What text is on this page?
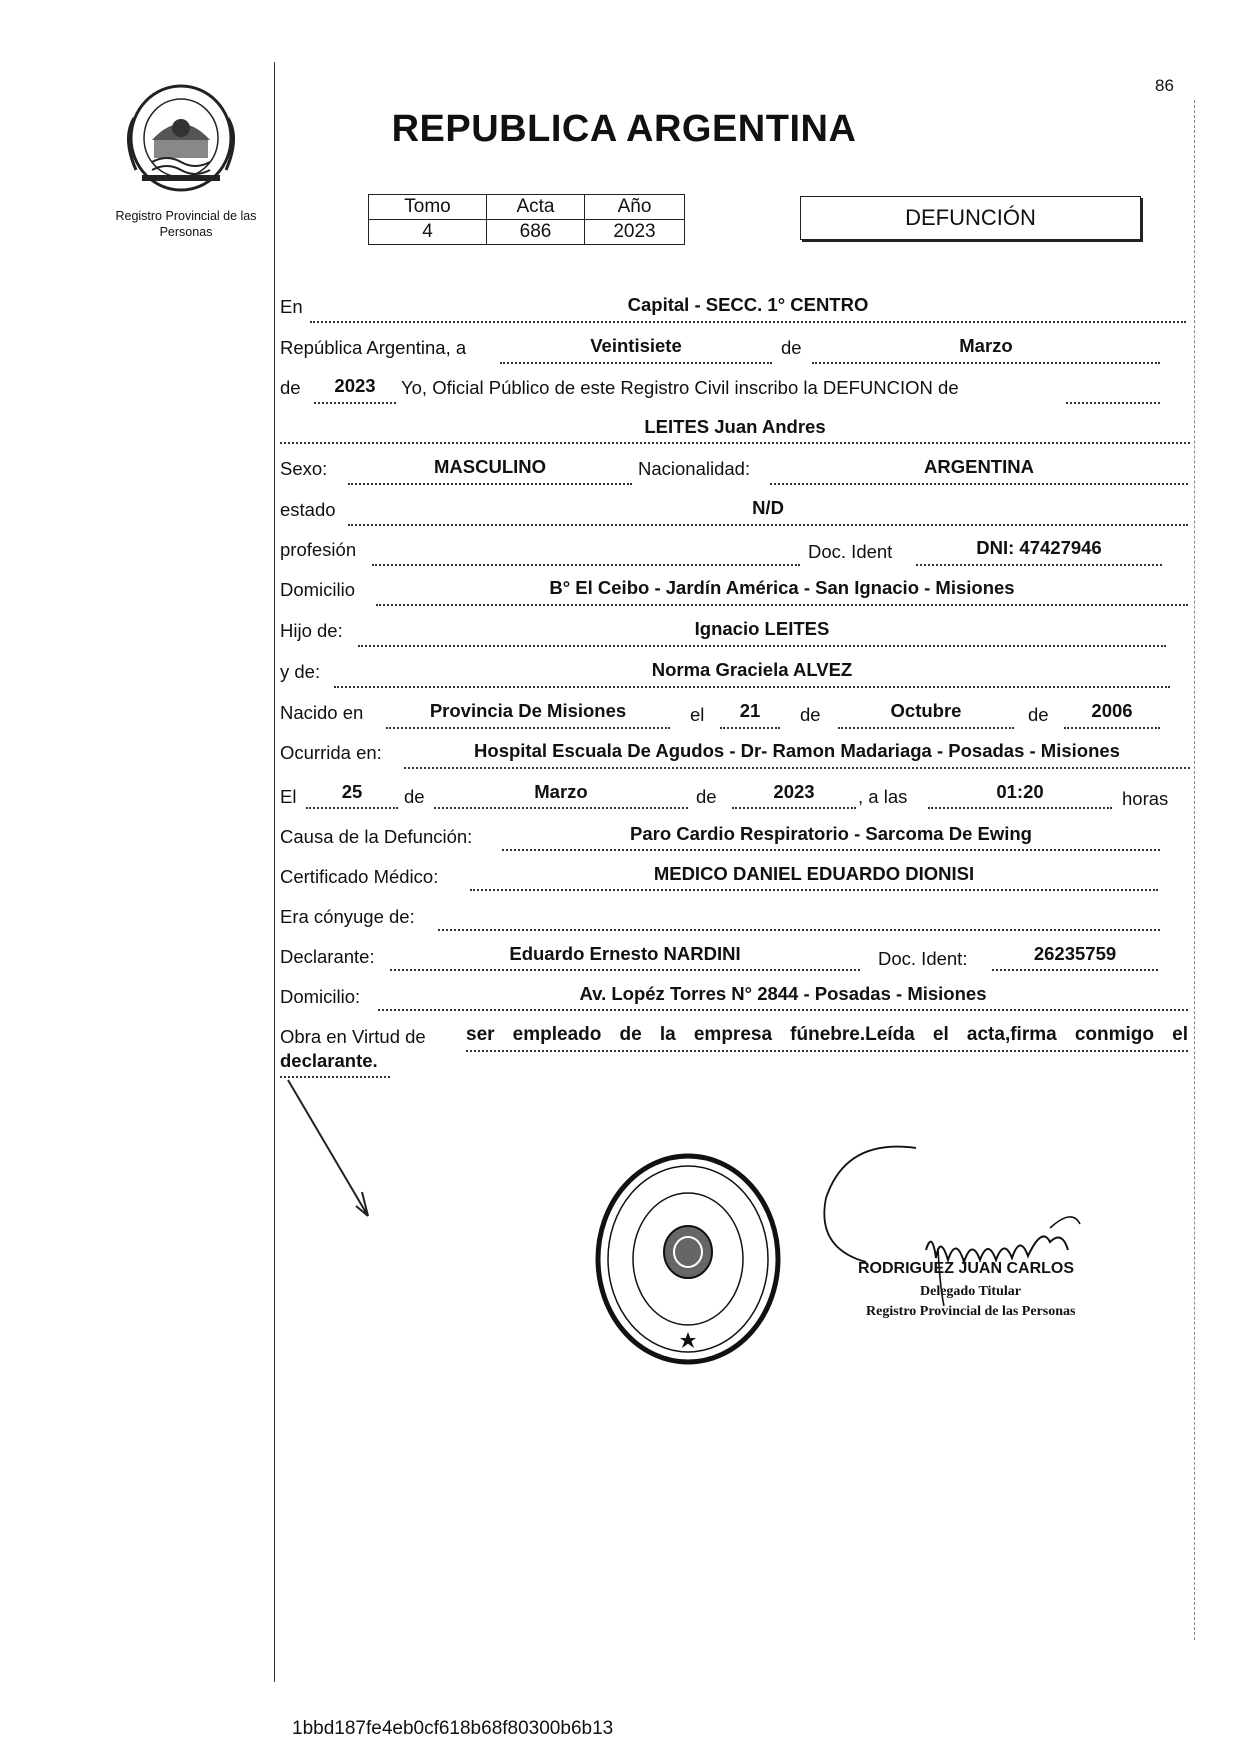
86
Registro Provincial de las Personas
REPUBLICA ARGENTINA
Tomo	Acta	Año
4	686	2023
DEFUNCIÓN
En	Capital - SECC. 1° CENTRO
República Argentina, a	Veintisiete	de	Marzo
de	2023	Yo, Oficial Público de este Registro Civil inscribo la DEFUNCION de
LEITES Juan Andres
Sexo:	MASCULINO	Nacionalidad:	ARGENTINA
estado	N/D
profesión	Doc. Ident	DNI: 47427946
Domicilio	B° El Ceibo - Jardín América - San Ignacio - Misiones
Hijo de:	Ignacio LEITES
y de:	Norma Graciela ALVEZ
Nacido en	Provincia De Misiones	el	21	de	Octubre	de	2006
Ocurrida en:	Hospital Escuala De Agudos - Dr- Ramon Madariaga - Posadas - Misiones
El	25	de	Marzo	de	2023	, a las	01:20	horas
Causa de la Defunción:	Paro Cardio Respiratorio - Sarcoma De Ewing
Certificado Médico:	MEDICO DANIEL EDUARDO DIONISI
Era cónyuge de:
Declarante:	Eduardo Ernesto NARDINI	Doc. Ident:	26235759
Domicilio:	Av. Lopéz Torres N° 2844 - Posadas - Misiones
Obra en Virtud de ser empleado de la empresa fúnebre.Leída el acta,firma conmigo el
declarante.
RODRIGUEZ JUAN CARLOS
Delegado Titular
Registro Provincial de las Personas
1bbd187fe4eb0cf618b68f80300b6b13
